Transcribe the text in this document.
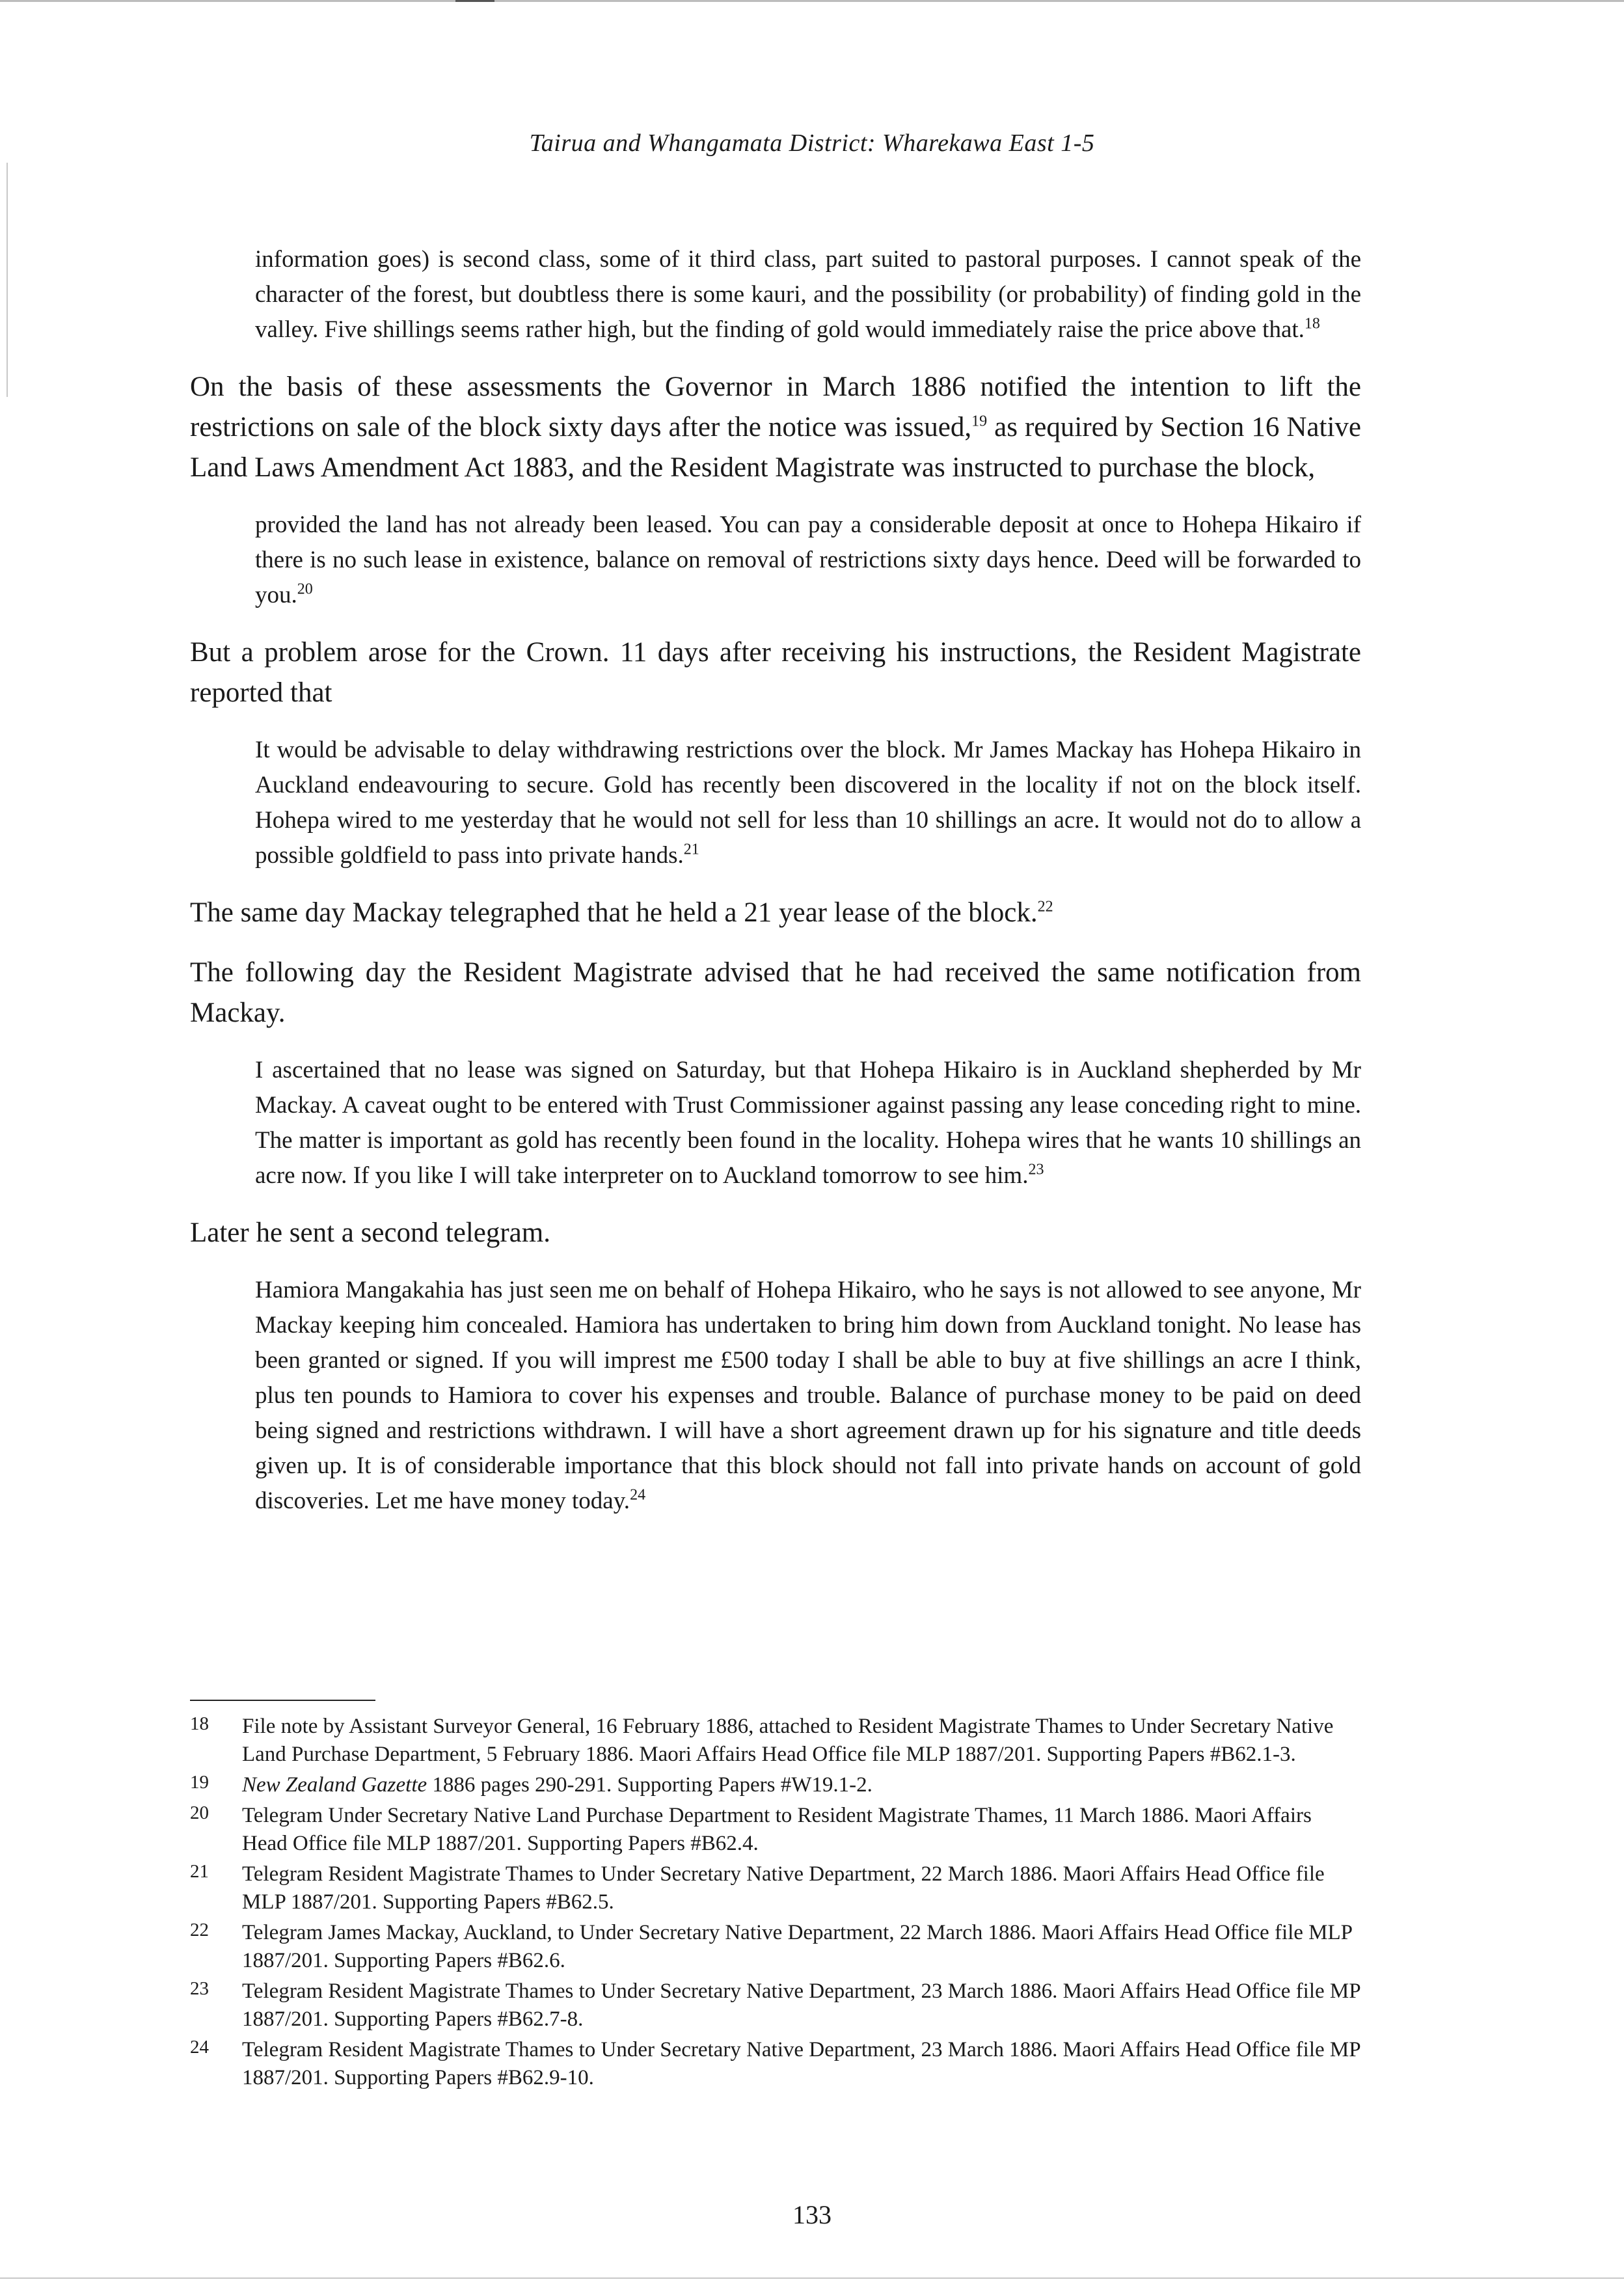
Tairua and Whangamata District: Wharekawa East 1-5

information goes) is second class, some of it third class, part suited to pastoral purposes. I cannot speak of the character of the forest, but doubtless there is some kauri, and the possibility (or probability) of finding gold in the valley. Five shillings seems rather high, but the finding of gold would immediately raise the price above that.$^{18}$

On the basis of these assessments the Governor in March 1886 notified the intention to lift the restrictions on sale of the block sixty days after the notice was issued,$^{19}$ as required by Section 16 Native Land Laws Amendment Act 1883, and the Resident Magistrate was instructed to purchase the block,

provided the land has not already been leased. You can pay a considerable deposit at once to Hohepa Hikairo if there is no such lease in existence, balance on removal of restrictions sixty days hence. Deed will be forwarded to you.$^{20}$

But a problem arose for the Crown. 11 days after receiving his instructions, the Resident Magistrate reported that

It would be advisable to delay withdrawing restrictions over the block. Mr James Mackay has Hohepa Hikairo in Auckland endeavouring to secure. Gold has recently been discovered in the locality if not on the block itself. Hohepa wired to me yesterday that he would not sell for less than 10 shillings an acre. It would not do to allow a possible goldfield to pass into private hands.$^{21}$

The same day Mackay telegraphed that he held a 21 year lease of the block.$^{22}$

The following day the Resident Magistrate advised that he had received the same notification from Mackay.

I ascertained that no lease was signed on Saturday, but that Hohepa Hikairo is in Auckland shepherded by Mr Mackay. A caveat ought to be entered with Trust Commissioner against passing any lease conceding right to mine. The matter is important as gold has recently been found in the locality. Hohepa wires that he wants 10 shillings an acre now. If you like I will take interpreter on to Auckland tomorrow to see him.$^{23}$

Later he sent a second telegram.

Hamiora Mangakahia has just seen me on behalf of Hohepa Hikairo, who he says is not allowed to see anyone, Mr Mackay keeping him concealed. Hamiora has undertaken to bring him down from Auckland tonight. No lease has been granted or signed. If you will imprest me £500 today I shall be able to buy at five shillings an acre I think, plus ten pounds to Hamiora to cover his expenses and trouble. Balance of purchase money to be paid on deed being signed and restrictions withdrawn. I will have a short agreement drawn up for his signature and title deeds given up. It is of considerable importance that this block should not fall into private hands on account of gold discoveries. Let me have money today.$^{24}$

18 File note by Assistant Surveyor General, 16 February 1886, attached to Resident Magistrate Thames to Under Secretary Native Land Purchase Department, 5 February 1886. Maori Affairs Head Office file MLP 1887/201. Supporting Papers #B62.1-3.
19 New Zealand Gazette 1886 pages 290-291. Supporting Papers #W19.1-2.
20 Telegram Under Secretary Native Land Purchase Department to Resident Magistrate Thames, 11 March 1886. Maori Affairs Head Office file MLP 1887/201. Supporting Papers #B62.4.
21 Telegram Resident Magistrate Thames to Under Secretary Native Department, 22 March 1886. Maori Affairs Head Office file MLP 1887/201. Supporting Papers #B62.5.
22 Telegram James Mackay, Auckland, to Under Secretary Native Department, 22 March 1886. Maori Affairs Head Office file MLP 1887/201. Supporting Papers #B62.6.
23 Telegram Resident Magistrate Thames to Under Secretary Native Department, 23 March 1886. Maori Affairs Head Office file MP 1887/201. Supporting Papers #B62.7-8.
24 Telegram Resident Magistrate Thames to Under Secretary Native Department, 23 March 1886. Maori Affairs Head Office file MP 1887/201. Supporting Papers #B62.9-10.
133
